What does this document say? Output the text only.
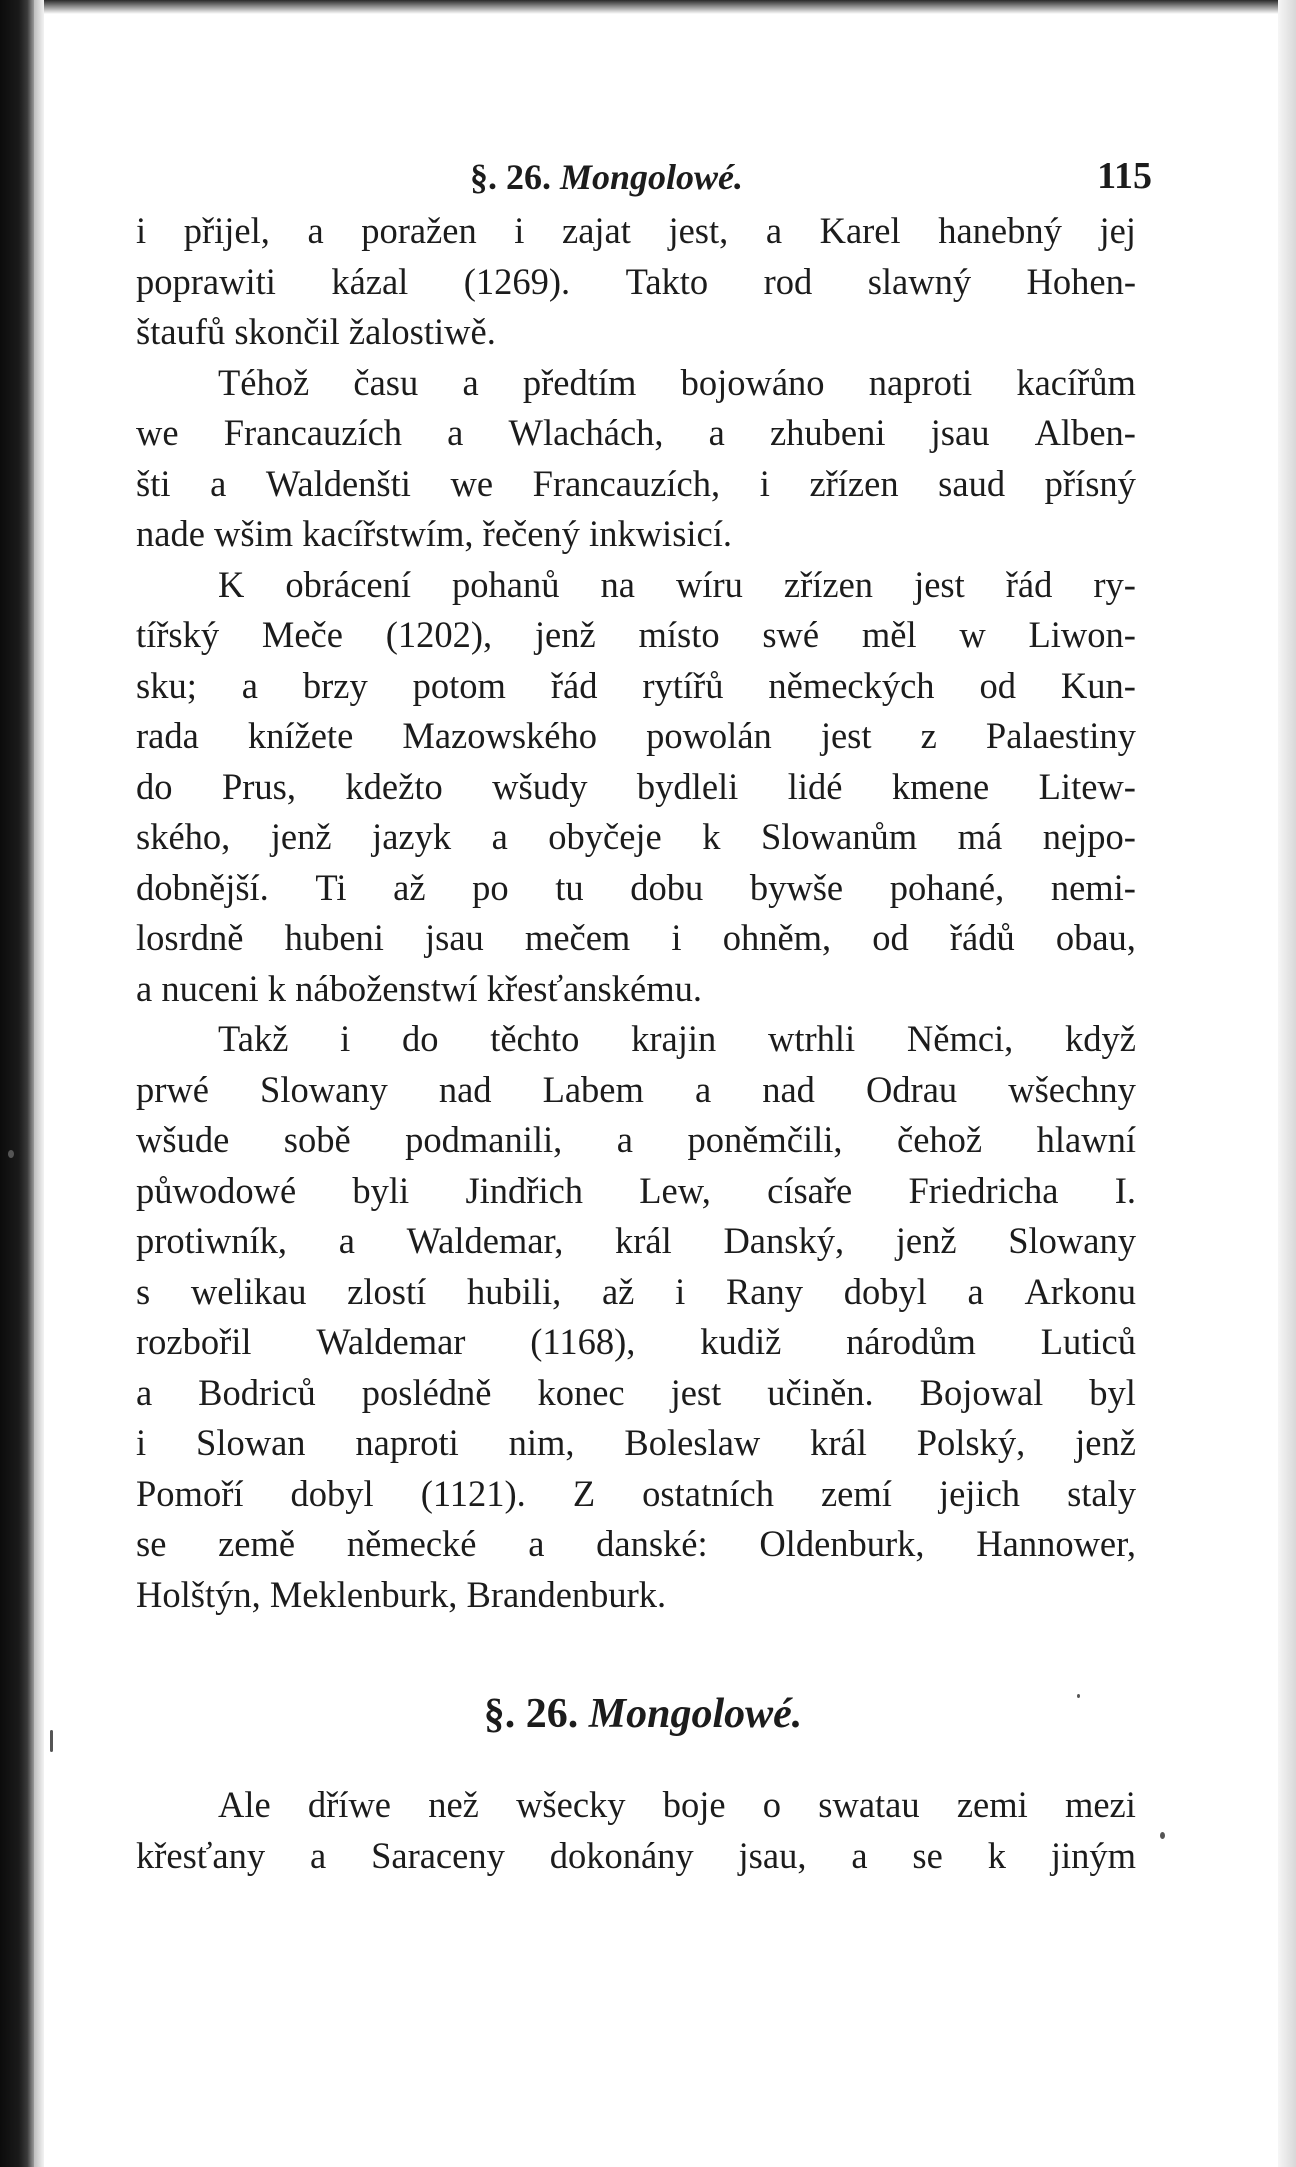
§. 26. Mongolowé.	115
i přijel, a poražen i zajat jest, a Karel hanebný jej
poprawiti kázal (1269). Takto rod slawný Hohen-
štaufů skončil žalostiwě.
Téhož času a předtím bojowáno naproti kacířům
we Francauzích a Wlachách, a zhubeni jsau Alben-
šti a Waldenšti we Francauzích, i zřízen saud přísný
nade wšim kacířstwím, řečený inkwisicí.
K obrácení pohanů na wíru zřízen jest řád ry-
tířský Meče (1202), jenž místo swé měl w Liwon-
sku; a brzy potom řád rytířů německých od Kun-
rada knížete Mazowského powolán jest z Palaestiny
do Prus, kdežto wšudy bydleli lidé kmene Litew-
ského, jenž jazyk a obyčeje k Slowanům má nejpo-
dobnější. Ti až po tu dobu bywše pohané, nemi-
losrdně hubeni jsau mečem i ohněm, od řádů obau,
a nuceni k náboženstwí křesťanskému.
Takž i do těchto krajin wtrhli Němci, když
prwé Slowany nad Labem a nad Odrau wšechny
wšude sobě podmanili, a poněmčili, čehož hlawní
půwodowé byli Jindřich Lew, císaře Friedricha I.
protiwník, a Waldemar, král Danský, jenž Slowany
s welikau zlostí hubili, až i Rany dobyl a Arkonu
rozbořil Waldemar (1168), kudiž národům Luticů
a Bodriců poslédně konec jest učiněn. Bojowal byl
i Slowan naproti nim, Boleslaw král Polský, jenž
Pomoří dobyl (1121). Z ostatních zemí jejich staly
se země německé a danské: Oldenburk, Hannower,
Holštýn, Meklenburk, Brandenburk.
§. 26. Mongolowé.
Ale dříwe než wšecky boje o swatau zemi mezi
křesťany a Saraceny dokonány jsau, a se k jiným
